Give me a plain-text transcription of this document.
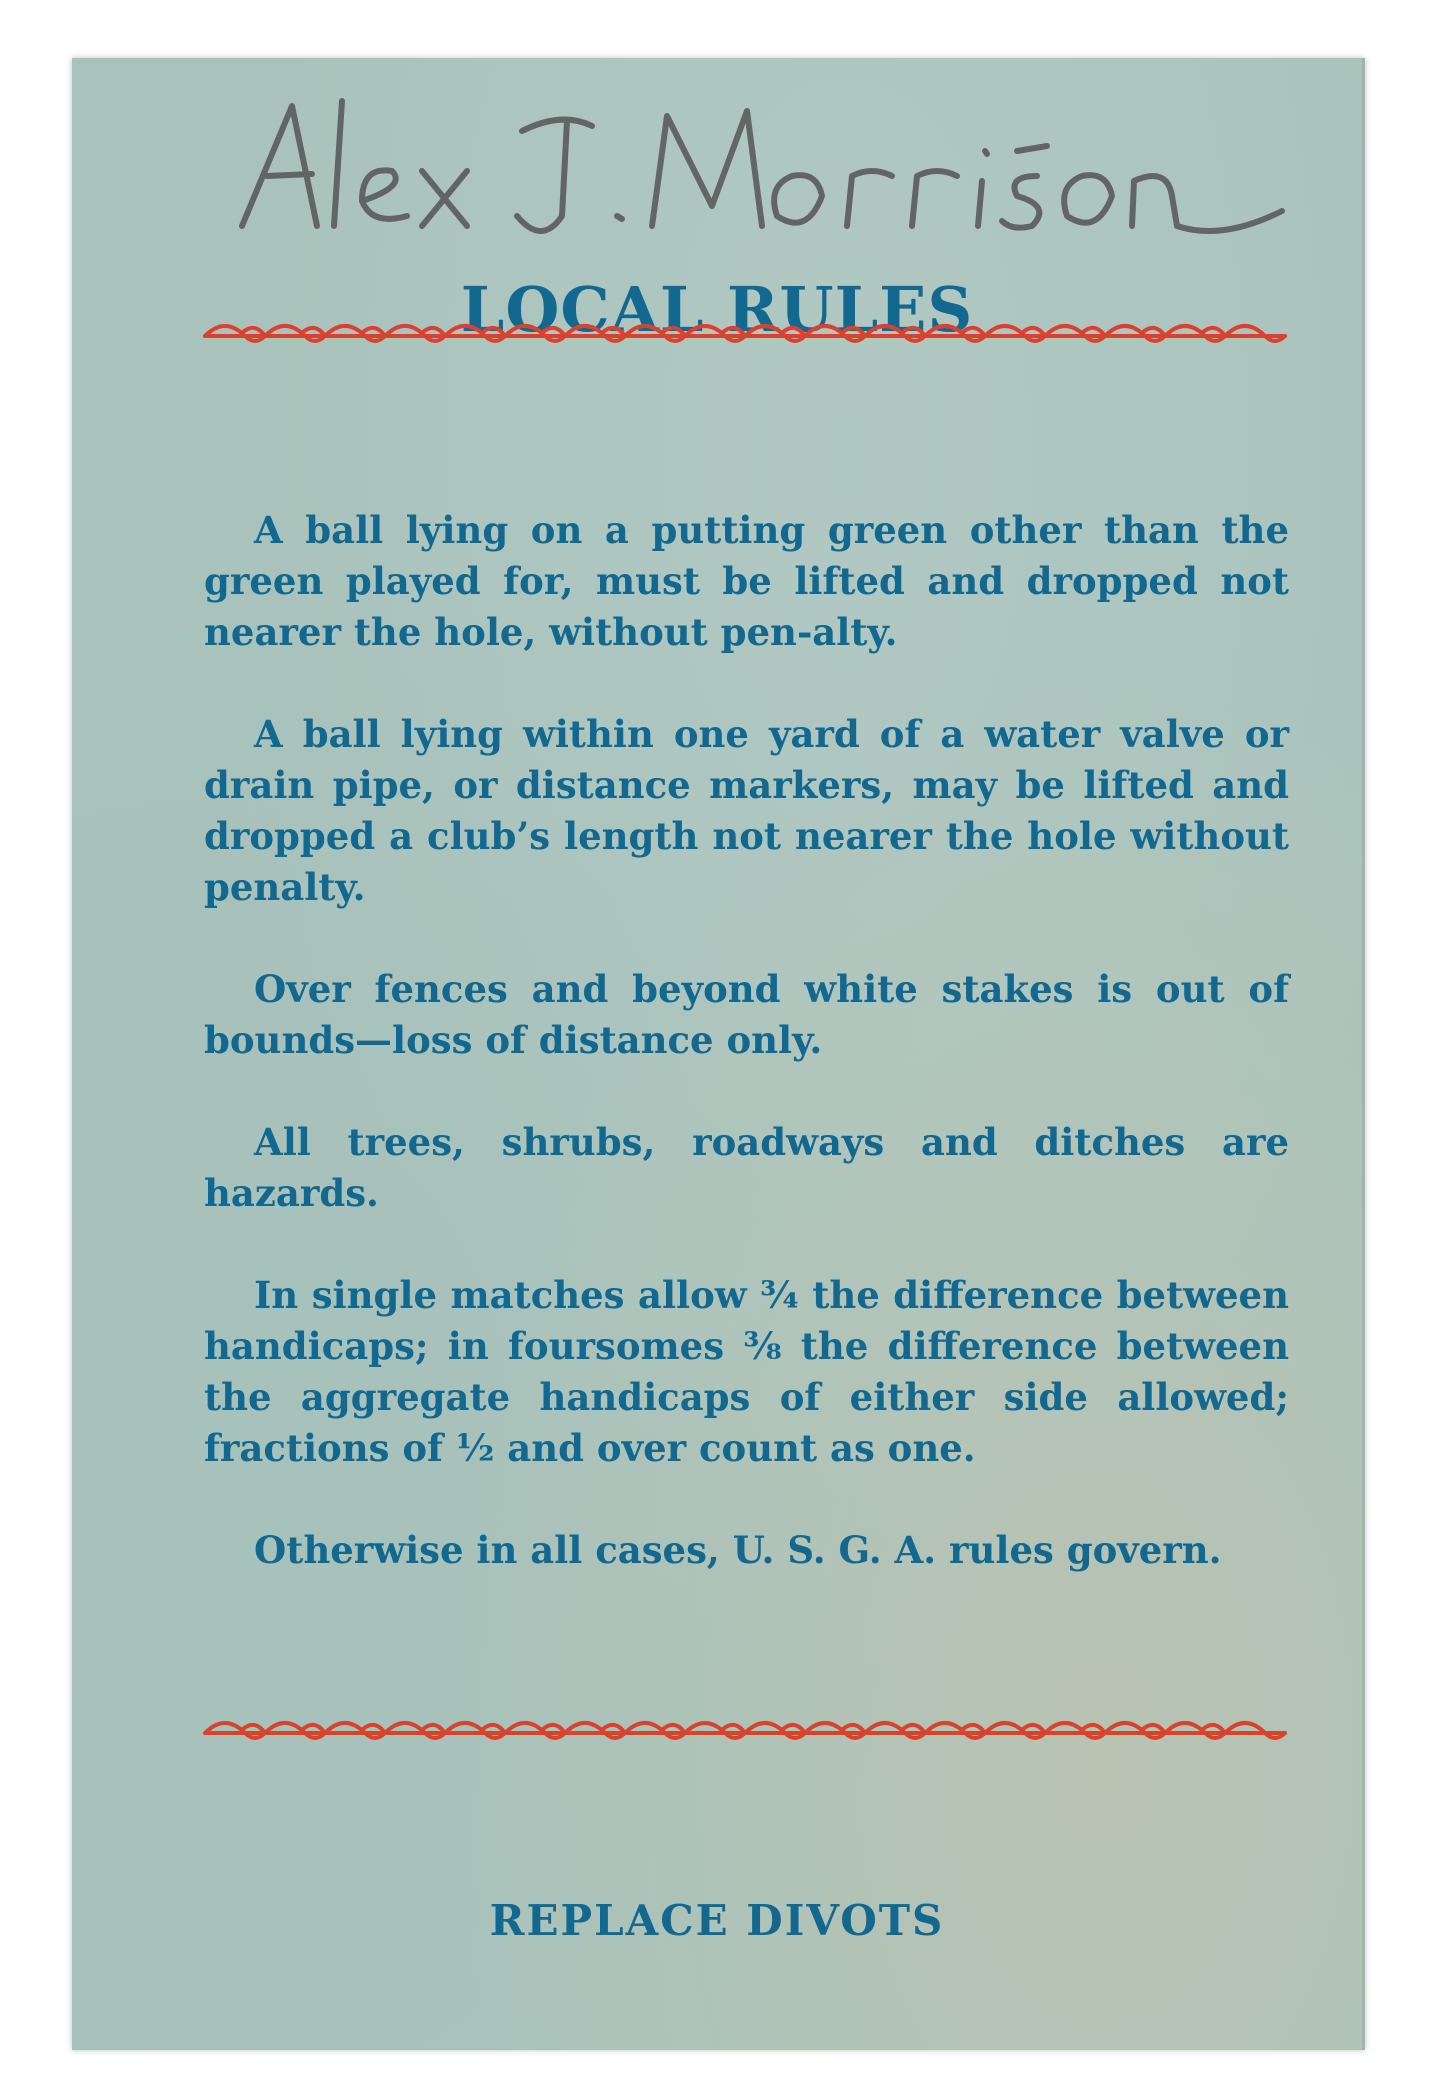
LOCAL RULES

A ball lying on a putting green other than the green played for, must be lifted and dropped not nearer the hole, without pen-alty.

A ball lying within one yard of a water valve or drain pipe, or distance markers, may be lifted and dropped a club’s length not nearer the hole without penalty.

Over fences and beyond white stakes is out of bounds—loss of distance only.

All trees, shrubs, roadways and ditches are hazards.

In single matches allow ¾ the difference between handicaps; in foursomes ⅜ the difference between the aggregate handicaps of either side allowed; fractions of ½ and over count as one.

Otherwise in all cases, U. S. G. A. rules govern.

REPLACE DIVOTS
